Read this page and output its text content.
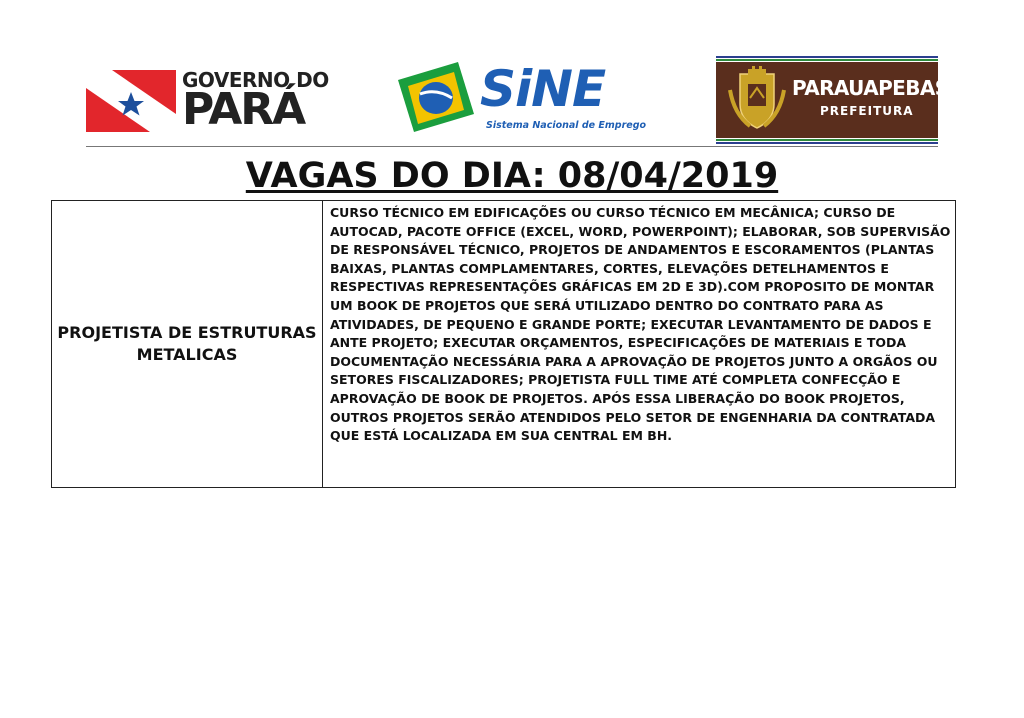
GOVERNO DO
PARÁ	SiNE
Sistema Nacional de Emprego
PARAUAPEBAS
PREFEITURA
VAGAS DO DIA: 08/04/2019
PROJETISTA DE ESTRUTURAS METALICAS	CURSO TÉCNICO EM EDIFICAÇÕES OU CURSO TÉCNICO EM MECÂNICA; CURSO DE AUTOCAD, PACOTE OFFICE (EXCEL, WORD, POWERPOINT); ELABORAR, SOB SUPERVISÃO DE RESPONSÁVEL TÉCNICO, PROJETOS DE ANDAMENTOS E ESCORAMENTOS (PLANTAS BAIXAS, PLANTAS COMPLAMENTARES, CORTES, ELEVAÇÕES DETELHAMENTOS E RESPECTIVAS REPRESENTAÇÕES GRÁFICAS EM 2D E 3D).COM PROPOSITO DE MONTAR UM BOOK DE PROJETOS QUE SERÁ UTILIZADO DENTRO DO CONTRATO PARA AS ATIVIDADES, DE PEQUENO E GRANDE PORTE; EXECUTAR LEVANTAMENTO DE DADOS E ANTE PROJETO; EXECUTAR ORÇAMENTOS, ESPECIFICAÇÕES DE MATERIAIS E TODA DOCUMENTAÇÃO NECESSÁRIA PARA A APROVAÇÃO DE PROJETOS JUNTO A ORGÃOS OU SETORES FISCALIZADORES; PROJETISTA FULL TIME ATÉ COMPLETA CONFECÇÃO E APROVAÇÃO DE BOOK DE PROJETOS. APÓS ESSA LIBERAÇÃO DO BOOK PROJETOS, OUTROS PROJETOS SERÃO ATENDIDOS PELO SETOR DE ENGENHARIA DA CONTRATADA QUE ESTÁ LOCALIZADA EM SUA CENTRAL EM BH.
